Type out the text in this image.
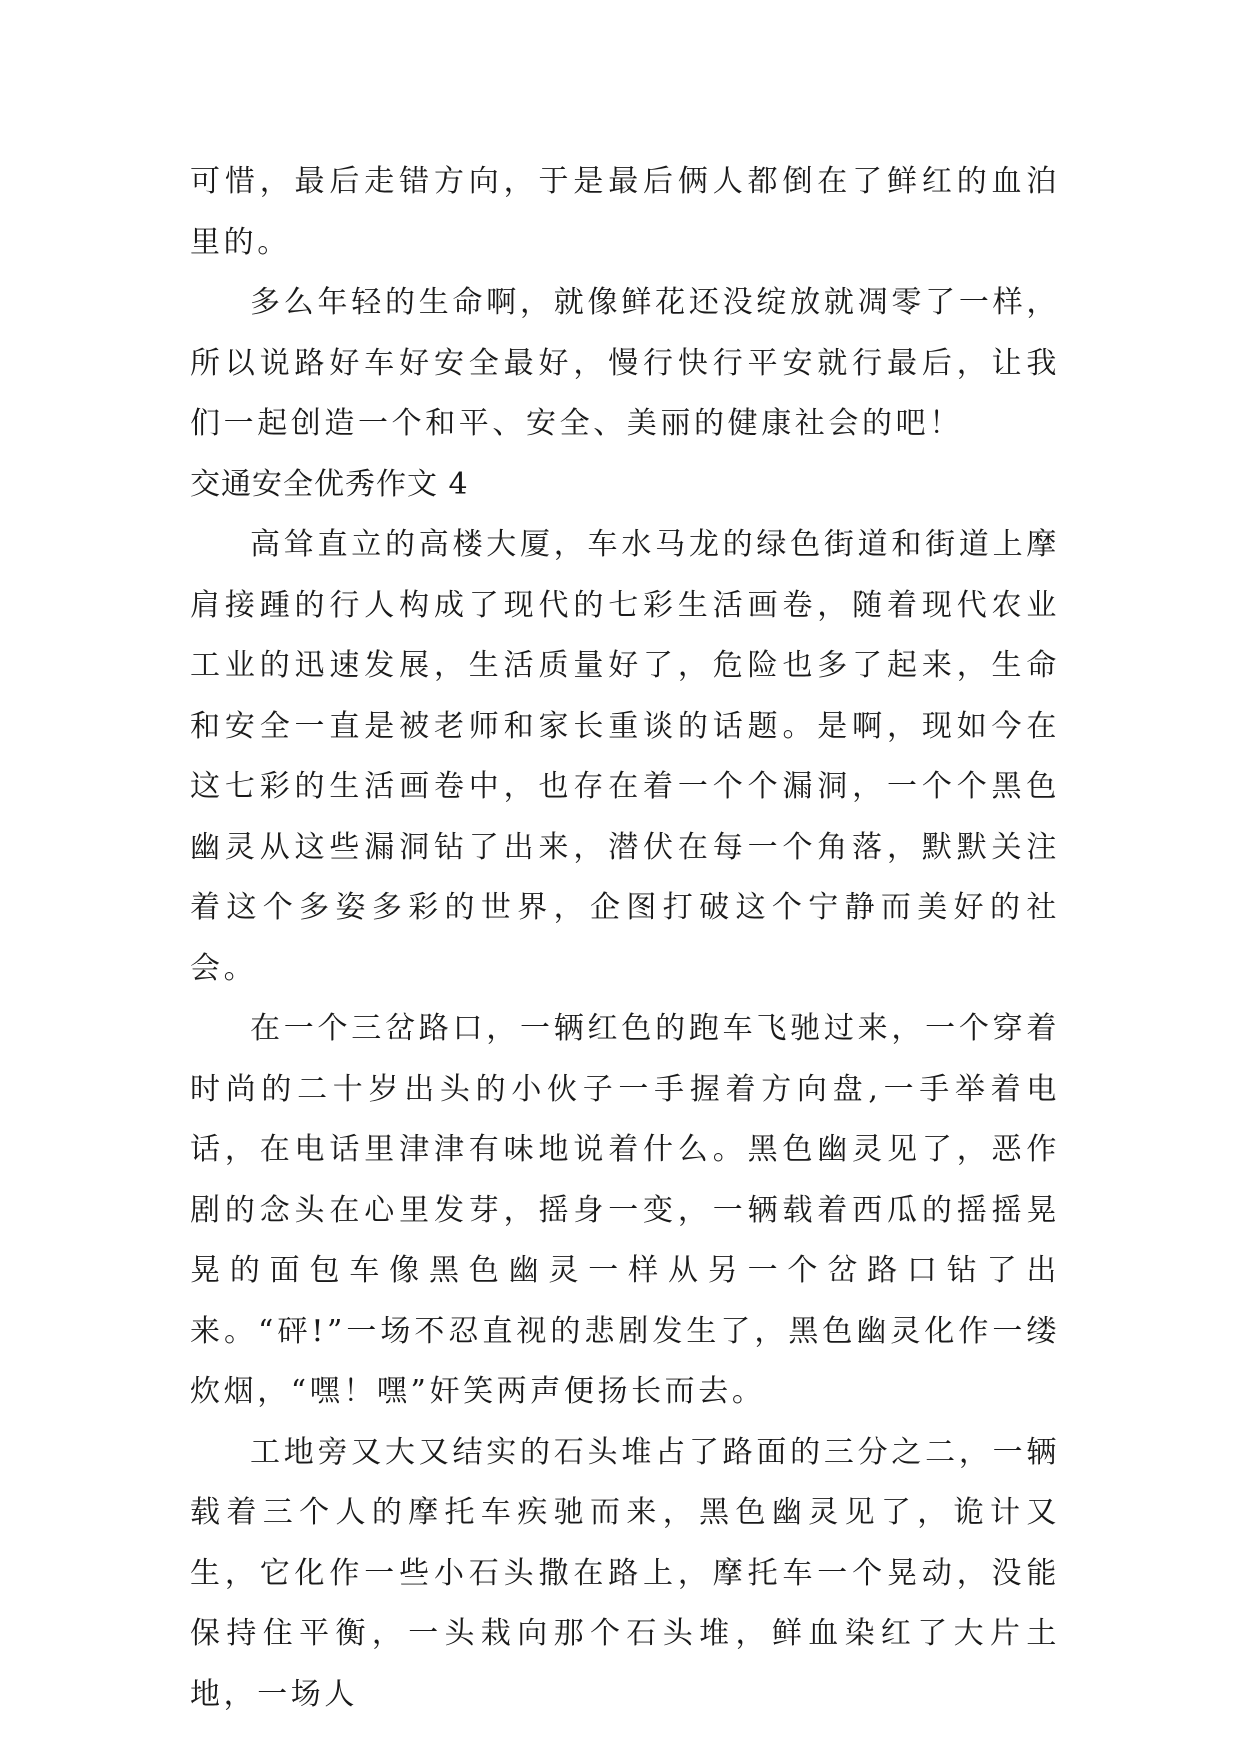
可惜，最后走错方向，于是最后俩人都倒在了鲜红的血泊里的。

多么年轻的生命啊，就像鲜花还没绽放就凋零了一样，所以说路好车好安全最好，慢行快行平安就行最后，让我们一起创造一个和平、安全、美丽的健康社会的吧！

交通安全优秀作文 4

高耸直立的高楼大厦，车水马龙的绿色街道和街道上摩肩接踵的行人构成了现代的七彩生活画卷，随着现代农业工业的迅速发展，生活质量好了，危险也多了起来，生命和安全一直是被老师和家长重谈的话题。是啊，现如今在这七彩的生活画卷中，也存在着一个个漏洞，一个个黑色幽灵从这些漏洞钻了出来，潜伏在每一个角落，默默关注着这个多姿多彩的世界，企图打破这个宁静而美好的社会。

在一个三岔路口，一辆红色的跑车飞驰过来，一个穿着时尚的二十岁出头的小伙子一手握着方向盘,一手举着电话，在电话里津津有味地说着什么。黑色幽灵见了，恶作剧的念头在心里发芽，摇身一变，一辆载着西瓜的摇摇晃晃的面包车像黑色幽灵一样从另一个岔路口钻了出来。“砰!”一场不忍直视的悲剧发生了，黑色幽灵化作一缕炊烟，“嘿！嘿”奸笑两声便扬长而去。

工地旁又大又结实的石头堆占了路面的三分之二，一辆载着三个人的摩托车疾驰而来，黑色幽灵见了，诡计又生，它化作一些小石头撒在路上，摩托车一个晃动，没能保持住平衡，一头栽向那个石头堆，鲜血染红了大片土地，一场人
